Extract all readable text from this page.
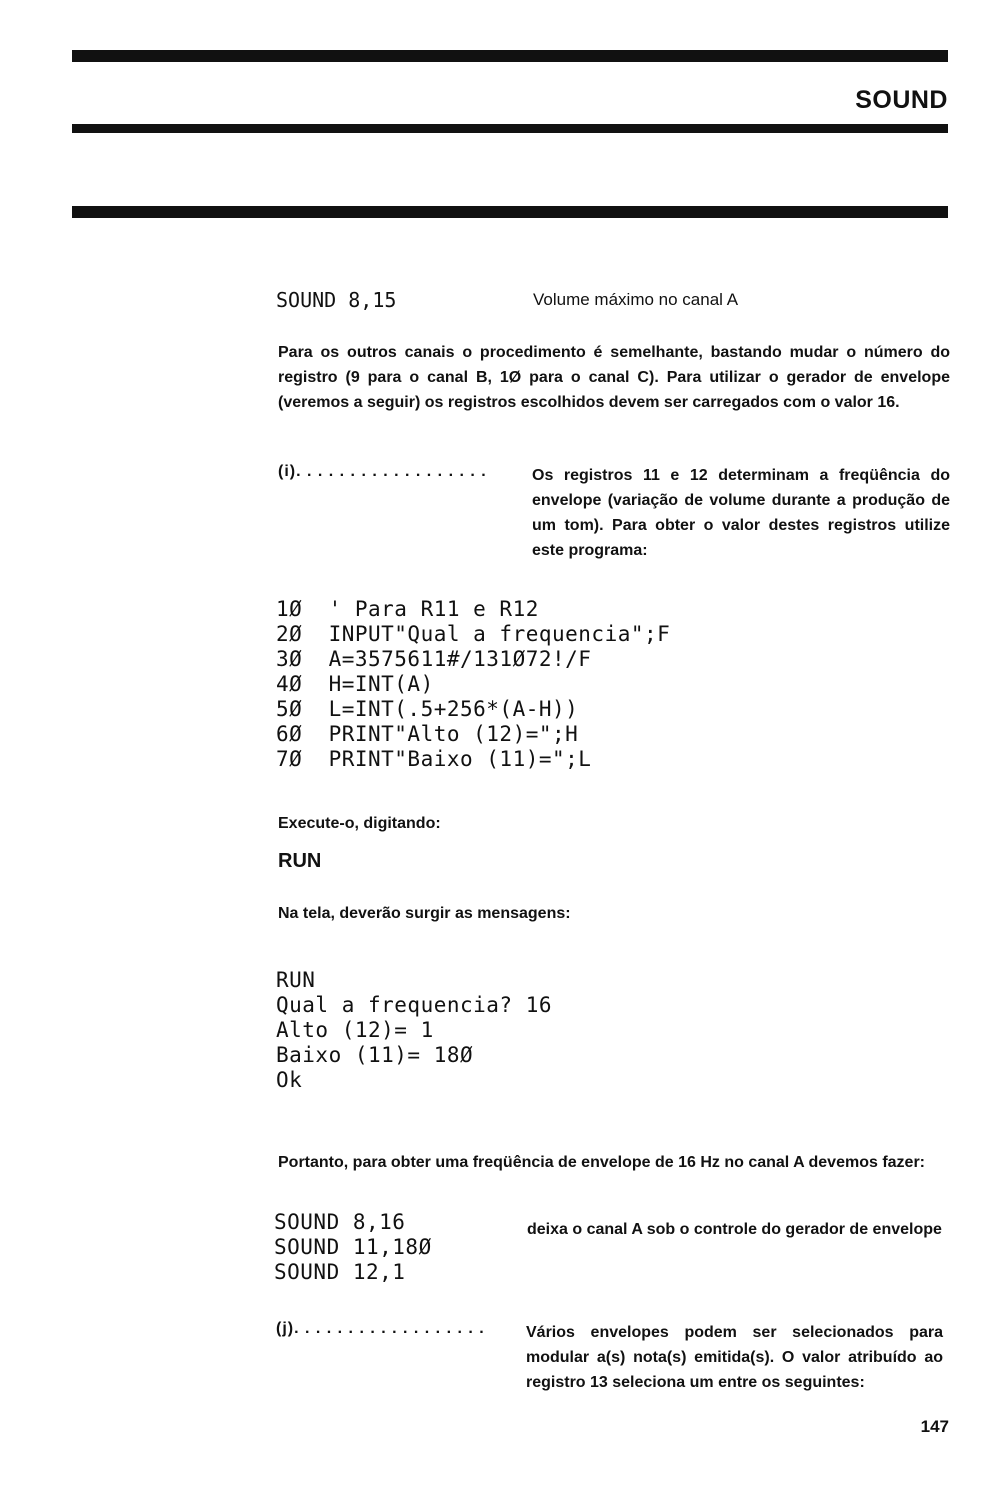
SOUND
SOUND 8,15	Volume máximo no canal A
Para os outros canais o procedimento é semelhante, bastando mudar o número do registro (9 para o canal B, 1Ø para o canal C). Para utilizar o gerador de envelope (veremos a seguir) os registros escolhidos devem ser carregados com o valor 16.
(i). . . . . . . . . . . . . . . . . .	Os registros 11 e 12 determinam a freqüência do envelope (variação de volume durante a produção de um tom). Para obter o valor destes registros utilize este programa:
1Ø  ' Para R11 e R12
2Ø  INPUT"Qual a frequencia";F
3Ø  A=3575611#/131Ø72!/F
4Ø  H=INT(A)
5Ø  L=INT(.5+256*(A-H))
6Ø  PRINT"Alto (12)=";H
7Ø  PRINT"Baixo (11)=";L
Execute-o, digitando:
RUN
Na tela, deverão surgir as mensagens:
RUN
Qual a frequencia? 16
Alto (12)= 1
Baixo (11)= 18Ø
Ok
Portanto, para obter uma freqüência de envelope de 16 Hz no canal A devemos fazer:
SOUND 8,16
SOUND 11,18Ø
SOUND 12,1
deixa o canal A sob o controle do gerador de envelope
(j). . . . . . . . . . . . . . . . . .	Vários envelopes podem ser selecionados para modular a(s) nota(s) emitida(s). O valor atribuído ao registro 13 seleciona um entre os seguintes:
147
